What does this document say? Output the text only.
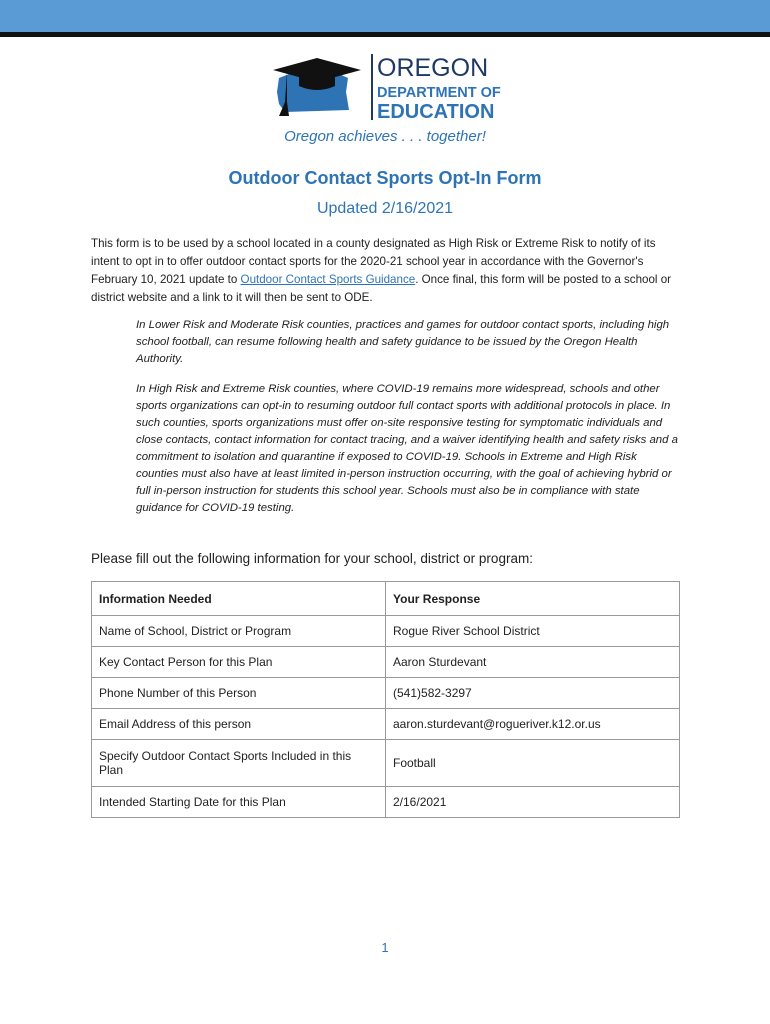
OREGON
DEPARTMENT OF
EDUCATION
Oregon achieves . . . together!
Outdoor Contact Sports Opt-In Form
Updated 2/16/2021
This form is to be used by a school located in a county designated as High Risk or Extreme Risk to notify of its intent to opt in to offer outdoor contact sports for the 2020-21 school year in accordance with the Governor's February 10, 2021 update to Outdoor Contact Sports Guidance. Once final, this form will be posted to a school or district website and a link to it will then be sent to ODE.
In Lower Risk and Moderate Risk counties, practices and games for outdoor contact sports, including high school football, can resume following health and safety guidance to be issued by the Oregon Health Authority.
In High Risk and Extreme Risk counties, where COVID-19 remains more widespread, schools and other sports organizations can opt-in to resuming outdoor full contact sports with additional protocols in place. In such counties, sports organizations must offer on-site responsive testing for symptomatic individuals and close contacts, contact information for contact tracing, and a waiver identifying health and safety risks and a commitment to isolation and quarantine if exposed to COVID-19. Schools in Extreme and High Risk counties must also have at least limited in-person instruction occurring, with the goal of achieving hybrid or full in-person instruction for students this school year. Schools must also be in compliance with state guidance for COVID-19 testing.
Please fill out the following information for your school, district or program:
Information Needed	Your Response
Name of School, District or Program	Rogue River School District
Key Contact Person for this Plan	Aaron Sturdevant
Phone Number of this Person	(541)582-3297
Email Address of this person	aaron.sturdevant@rogueriver.k12.or.us
Specify Outdoor Contact Sports Included in this Plan	Football
Intended Starting Date for this Plan	2/16/2021
1
